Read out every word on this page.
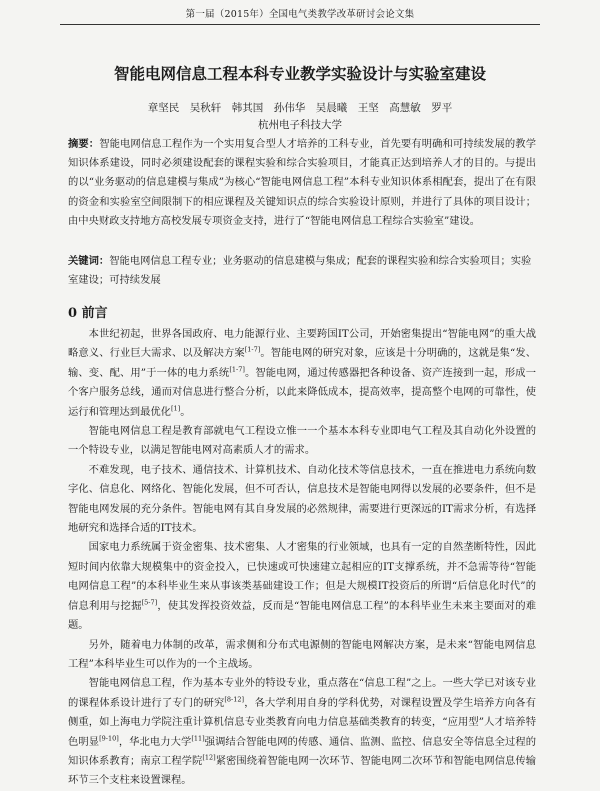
第一届（2015年）全国电气类教学改革研讨会论文集
智能电网信息工程本科专业教学实验设计与实验室建设
章坚民　吴秋轩　韩其国　孙伟华　吴晨曦　王坚　高慧敏　罗平
杭州电子科技大学
摘要：智能电网信息工程作为一个实用复合型人才培养的工科专业，首先要有明确和可持续发展的教学知识体系建设，同时必须建设配套的课程实验和综合实验项目，才能真正达到培养人才的目的。与提出的以“业务驱动的信息建模与集成”为核心“智能电网信息工程”本科专业知识体系相配套，提出了在有限的资金和实验室空间限制下的相应课程及关键知识点的综合实验设计原则，并进行了具体的项目设计；由中央财政支持地方高校发展专项资金支持，进行了“智能电网信息工程综合实验室”建设。
关键词：智能电网信息工程专业；业务驱动的信息建模与集成；配套的课程实验和综合实验项目；实验室建设；可持续发展
0 前言

本世纪初起，世界各国政府、电力能源行业、主要跨国IT公司，开始密集提出“智能电网”的重大战略意义、行业巨大需求、以及解决方案[1-7]。智能电网的研究对象，应该是十分明确的，这就是集“发、输、变、配、用”于一体的电力系统[1-7]。智能电网，通过传感器把各种设备、资产连接到一起，形成一个客户服务总线，通而对信息进行整合分析，以此来降低成本，提高效率，提高整个电网的可靠性，使运行和管理达到最优化[1]。

智能电网信息工程是教育部就电气工程设立惟一一个基本本科专业即电气工程及其自动化外设置的一个特设专业，以满足智能电网对高素质人才的需求。

不难发现，电子技术、通信技术、计算机技术、自动化技术等信息技术，一直在推进电力系统向数字化、信息化、网络化、智能化发展，但不可否认，信息技术是智能电网得以发展的必要条件，但不是智能电网发展的充分条件。智能电网有其自身发展的必然规律，需要进行更深远的IT需求分析，有选择地研究和选择合适的IT技术。

国家电力系统属于资金密集、技术密集、人才密集的行业领域，也具有一定的自然垄断特性，因此短时间内依靠大规模集中的资金投入，已快速或可快速建立起相应的IT支撑系统，并不急需等待“智能电网信息工程”的本科毕业生来从事该类基础建设工作；但是大规模IT投资后的所谓“后信息化时代”的信息利用与挖掘[5-7]，使其发挥投资效益，反而是“智能电网信息工程”的本科毕业生未来主要面对的难题。

另外，随着电力体制的改革，需求侧和分布式电源侧的智能电网解决方案，是未来“智能电网信息工程”本科毕业生可以作为的一个主战场。

智能电网信息工程，作为基本专业外的特设专业，重点落在“信息工程”之上。一些大学已对该专业的课程体系设计进行了专门的研究[8-12]，各大学利用自身的学科优势，对课程设置及学生培养方向各有侧重，如上海电力学院注重计算机信息专业类教育向电力信息基础类教育的转变，“应用型”人才培养特色明显[9-10]，华北电力大学[11]强调结合智能电网的传感、通信、监测、监控、信息安全等信息全过程的知识体系教育；南京工程学院[12]紧密围绕着智能电网一次环节、智能电网二次环节和智能电网信息传输环节三个支柱来设置课程。
